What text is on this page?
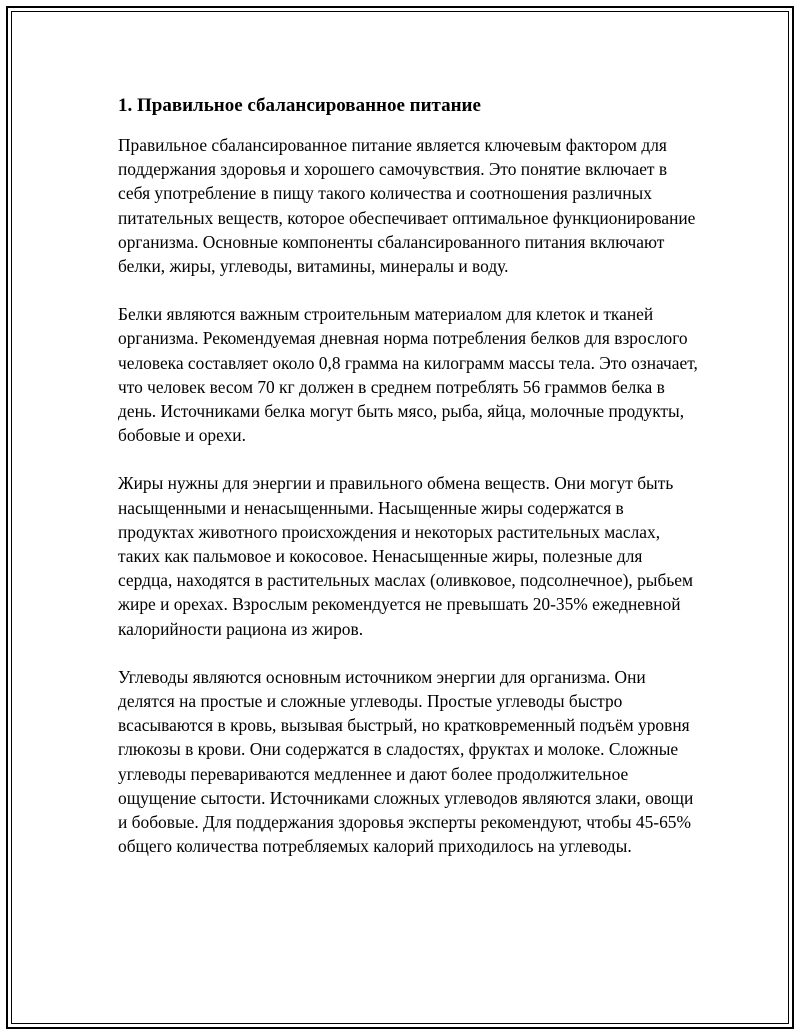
1. Правильное сбалансированное питание

Правильное сбалансированное питание является ключевым фактором для поддержания здоровья и хорошего самочувствия. Это понятие включает в себя употребление в пищу такого количества и соотношения различных питательных веществ, которое обеспечивает оптимальное функционирование организма. Основные компоненты сбалансированного питания включают белки, жиры, углеводы, витамины, минералы и воду.

Белки являются важным строительным материалом для клеток и тканей организма. Рекомендуемая дневная норма потребления белков для взрослого человека составляет около 0,8 грамма на килограмм массы тела. Это означает, что человек весом 70 кг должен в среднем потреблять 56 граммов белка в день. Источниками белка могут быть мясо, рыба, яйца, молочные продукты, бобовые и орехи.

Жиры нужны для энергии и правильного обмена веществ. Они могут быть насыщенными и ненасыщенными. Насыщенные жиры содержатся в продуктах животного происхождения и некоторых растительных маслах, таких как пальмовое и кокосовое. Ненасыщенные жиры, полезные для сердца, находятся в растительных маслах (оливковое, подсолнечное), рыбьем жире и орехах. Взрослым рекомендуется не превышать 20-35% ежедневной калорийности рациона из жиров.

Углеводы являются основным источником энергии для организма. Они делятся на простые и сложные углеводы. Простые углеводы быстро всасываются в кровь, вызывая быстрый, но кратковременный подъём уровня глюкозы в крови. Они содержатся в сладостях, фруктах и молоке. Сложные углеводы перевариваются медленнее и дают более продолжительное ощущение сытости. Источниками сложных углеводов являются злаки, овощи и бобовые. Для поддержания здоровья эксперты рекомендуют, чтобы 45-65% общего количества потребляемых калорий приходилось на углеводы.
